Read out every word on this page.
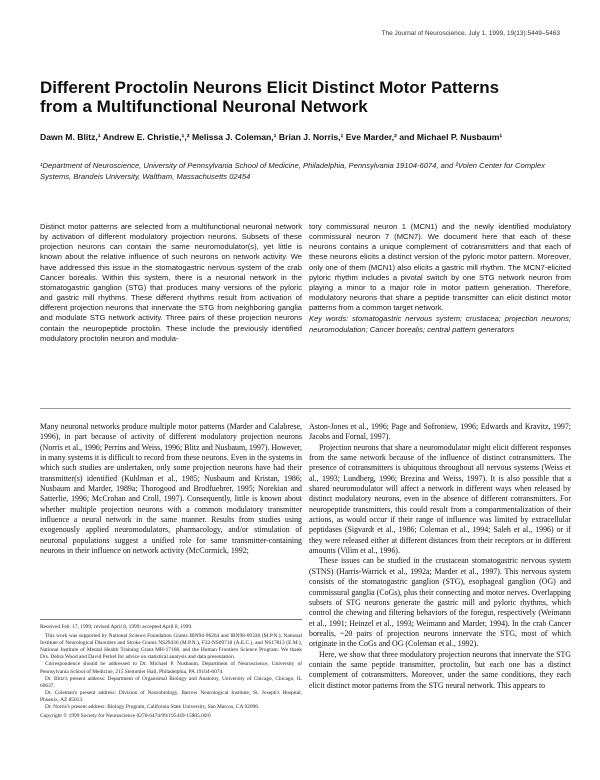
The Journal of Neuroscience, July 1, 1999, 19(13):5449–5463
Different Proctolin Neurons Elicit Distinct Motor Patterns from a Multifunctional Neuronal Network
Dawn M. Blitz,¹ Andrew E. Christie,¹,² Melissa J. Coleman,¹ Brian J. Norris,¹ Eve Marder,² and Michael P. Nusbaum¹
¹Department of Neuroscience, University of Pennsylvania School of Medicine, Philadelphia, Pennsylvania 19104-6074, and ²Volen Center for Complex Systems, Brandeis University, Waltham, Massachusetts 02454

Distinct motor patterns are selected from a multifunctional neuronal network by activation of different modulatory projection neurons. Subsets of these projection neurons can contain the same neuromodulator(s), yet little is known about the relative influence of such neurons on network activity. We have addressed this issue in the stomatogastric nervous system of the crab Cancer borealis. Within this system, there is a neuronal network in the stomatogastric ganglion (STG) that produces many versions of the pyloric and gastric mill rhythms. These different rhythms result from activation of different projection neurons that innervate the STG from neighboring ganglia and modulate STG network activity. Three pairs of these projection neurons contain the neuropeptide proctolin. These include the previously identified modulatory proctolin neuron and modula-

tory commissural neuron 1 (MCN1) and the newly identified modulatory commissural neuron 7 (MCN7). We document here that each of these neurons contains a unique complement of cotransmitters and that each of these neurons elicits a distinct version of the pyloric motor pattern. Moreover, only one of them (MCN1) also elicits a gastric mill rhythm. The MCN7-elicited pyloric rhythm includes a pivotal switch by one STG network neuron from playing a minor to a major role in motor pattern generation. Therefore, modulatory neurons that share a peptide transmitter can elicit distinct motor patterns from a common target network.

Key words: stomatogastric nervous system; crustacea; projection neurons; neuromodulation; Cancer borealis; central pattern generators

Many neuronal networks produce multiple motor patterns (Marder and Calabrese, 1996), in part because of activity of different modulatory projection neurons (Norris et al., 1996; Perrins and Weiss, 1996; Blitz and Nusbaum, 1997). However, in many systems it is difficult to record from these neurons. Even in the systems in which such studies are undertaken, only some projection neurons have had their transmitter(s) identified (Kuhlman et al., 1985; Nusbaum and Kristan, 1986; Nusbaum and Marder, 1989a; Thorogood and Brodfuehrer, 1995; Norekian and Satterlie, 1996; McCrohan and Croll, 1997). Consequently, little is known about whether multiple projection neurons with a common modulatory transmitter influence a neural network in the same manner. Results from studies using exogenously applied neuromodulators, pharmacology, and/or stimulation of neuronal populations suggest a unified role for same transmitter-containing neurons in their influence on network activity (McCormick, 1992;

Aston-Jones et al., 1996; Page and Sofroniew, 1996; Edwards and Kravitz, 1997; Jacobs and Fornal, 1997).

Projection neurons that share a neuromodulator might elicit different responses from the same network because of the influence of distinct cotransmitters. The presence of cotransmitters is ubiquitous throughout all nervous systems (Weiss et al., 1993; Lundberg, 1996; Brezina and Weiss, 1997). It is also possible that a shared neuromodulator will affect a network in different ways when released by distinct modulatory neurons, even in the absence of different cotransmitters. For neuropeptide transmitters, this could result from a compartmentalization of their actions, as would occur if their range of influence was limited by extracellular peptidases (Sigvardt et al., 1986; Coleman et al., 1994; Saleh et al., 1996) or if they were released either at different distances from their receptors or in different amounts (Vilim et al., 1996).

These issues can be studied in the crustacean stomatogastric nervous system (STNS) (Harris-Warrick et al., 1992a; Marder et al., 1997). This nervous system consists of the stomatogastric ganglion (STG), esophageal ganglion (OG) and commissural ganglia (CoGs), plus their connecting and motor nerves. Overlapping subsets of STG neurons generate the gastric mill and pyloric rhythms, which control the chewing and filtering behaviors of the foregut, respectively (Weimann et al., 1991; Heinzel et al., 1993; Weimann and Marder, 1994). In the crab Cancer borealis, ~20 pairs of projection neurons innervate the STG, most of which originate in the CoGs and OG (Coleman et al., 1992).

Here, we show that three modulatory projection neurons that innervate the STG contain the same peptide transmitter, proctolin, but each one has a distinct complement of cotransmitters. Moreover, under the same conditions, they each elicit distinct motor patterns from the STG neural network. This appears to

Received Feb. 17, 1999; revised April 8, 1999; accepted April 8, 1999.

This work was supported by National Science Foundation Grants IBN94-96264 and IBN98-09336 (M.P.N.), National Institute of Neurological Disorders and Stroke Grants NS29436 (M.P.N.), F32-NS09718 (A.E.C.), and NS17813 (E.M.), National Institute of Mental Health Training Grant MH-17168, and the Human Frontiers Science Program. We thank Drs. Debra Wood and David Perkel for advice on statistical analysis and data presentation.

Correspondence should be addressed to Dr. Michael P. Nusbaum, Department of Neuroscience, University of Pennsylvania School of Medicine, 215 Stemmler Hall, Philadelphia, PA 19104-6074.

Dr. Blitz's present address: Department of Organismal Biology and Anatomy, University of Chicago, Chicago, IL 60637.

Dr. Coleman's present address: Division of Neurobiology, Barrow Neurological Institute, St. Joseph's Hospital, Phoenix, AZ 85013.

Dr. Norris's present address: Biology Program, California State University, San Marcos, CA 92096.

Copyright © 1999 Society for Neuroscience 0270-6474/99/195449-15$05.00/0
